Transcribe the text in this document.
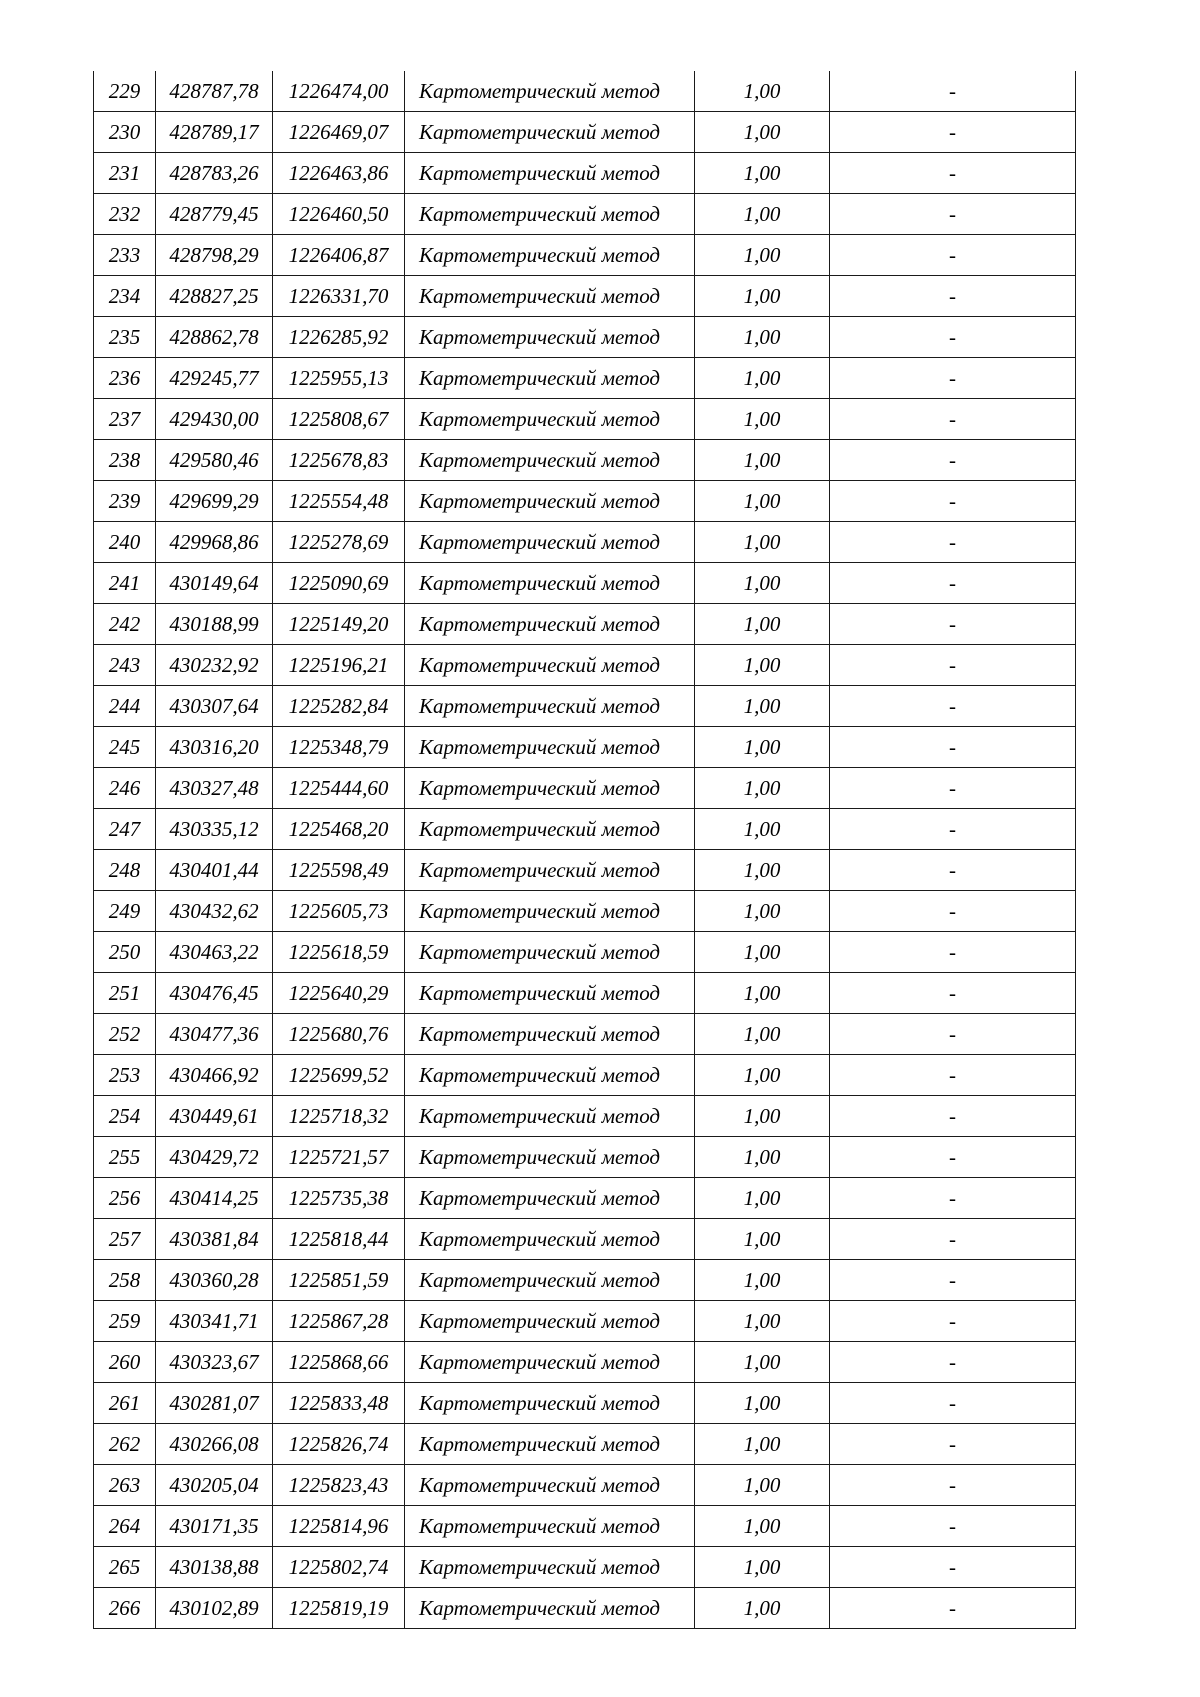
229	428787,78	1226474,00	Картометрический метод	1,00	-
230	428789,17	1226469,07	Картометрический метод	1,00	-
231	428783,26	1226463,86	Картометрический метод	1,00	-
232	428779,45	1226460,50	Картометрический метод	1,00	-
233	428798,29	1226406,87	Картометрический метод	1,00	-
234	428827,25	1226331,70	Картометрический метод	1,00	-
235	428862,78	1226285,92	Картометрический метод	1,00	-
236	429245,77	1225955,13	Картометрический метод	1,00	-
237	429430,00	1225808,67	Картометрический метод	1,00	-
238	429580,46	1225678,83	Картометрический метод	1,00	-
239	429699,29	1225554,48	Картометрический метод	1,00	-
240	429968,86	1225278,69	Картометрический метод	1,00	-
241	430149,64	1225090,69	Картометрический метод	1,00	-
242	430188,99	1225149,20	Картометрический метод	1,00	-
243	430232,92	1225196,21	Картометрический метод	1,00	-
244	430307,64	1225282,84	Картометрический метод	1,00	-
245	430316,20	1225348,79	Картометрический метод	1,00	-
246	430327,48	1225444,60	Картометрический метод	1,00	-
247	430335,12	1225468,20	Картометрический метод	1,00	-
248	430401,44	1225598,49	Картометрический метод	1,00	-
249	430432,62	1225605,73	Картометрический метод	1,00	-
250	430463,22	1225618,59	Картометрический метод	1,00	-
251	430476,45	1225640,29	Картометрический метод	1,00	-
252	430477,36	1225680,76	Картометрический метод	1,00	-
253	430466,92	1225699,52	Картометрический метод	1,00	-
254	430449,61	1225718,32	Картометрический метод	1,00	-
255	430429,72	1225721,57	Картометрический метод	1,00	-
256	430414,25	1225735,38	Картометрический метод	1,00	-
257	430381,84	1225818,44	Картометрический метод	1,00	-
258	430360,28	1225851,59	Картометрический метод	1,00	-
259	430341,71	1225867,28	Картометрический метод	1,00	-
260	430323,67	1225868,66	Картометрический метод	1,00	-
261	430281,07	1225833,48	Картометрический метод	1,00	-
262	430266,08	1225826,74	Картометрический метод	1,00	-
263	430205,04	1225823,43	Картометрический метод	1,00	-
264	430171,35	1225814,96	Картометрический метод	1,00	-
265	430138,88	1225802,74	Картометрический метод	1,00	-
266	430102,89	1225819,19	Картометрический метод	1,00	-
